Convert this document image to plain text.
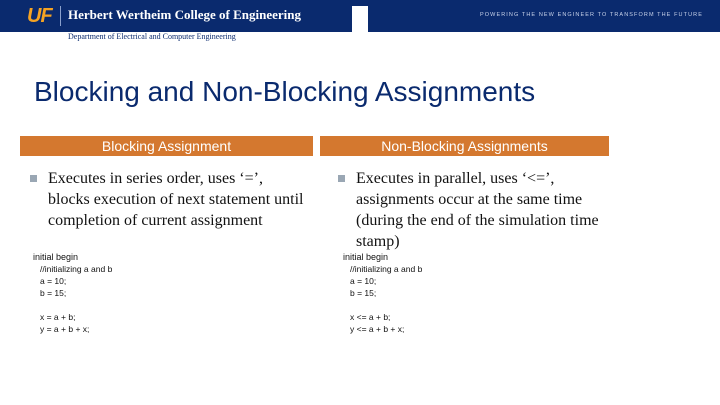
UF Herbert Wertheim College of Engineering	POWERING THE NEW ENGINEER TO TRANSFORM THE FUTURE
Department of Electrical and Computer Engineering
Blocking and Non-Blocking Assignments
Blocking Assignment	Non-Blocking Assignments
Executes in series order, uses ‘=’, blocks execution of next statement until completion of current assignment
Executes in parallel, uses ‘<=’, assignments occur at the same time (during the end of the simulation time stamp)
initial begin
//initializing a and b
a = 10;
b = 15;
x = a + b;
y = a + b + x;
initial begin
//initializing a and b
a = 10;
b = 15;
x <= a + b;
y <= a + b + x;
